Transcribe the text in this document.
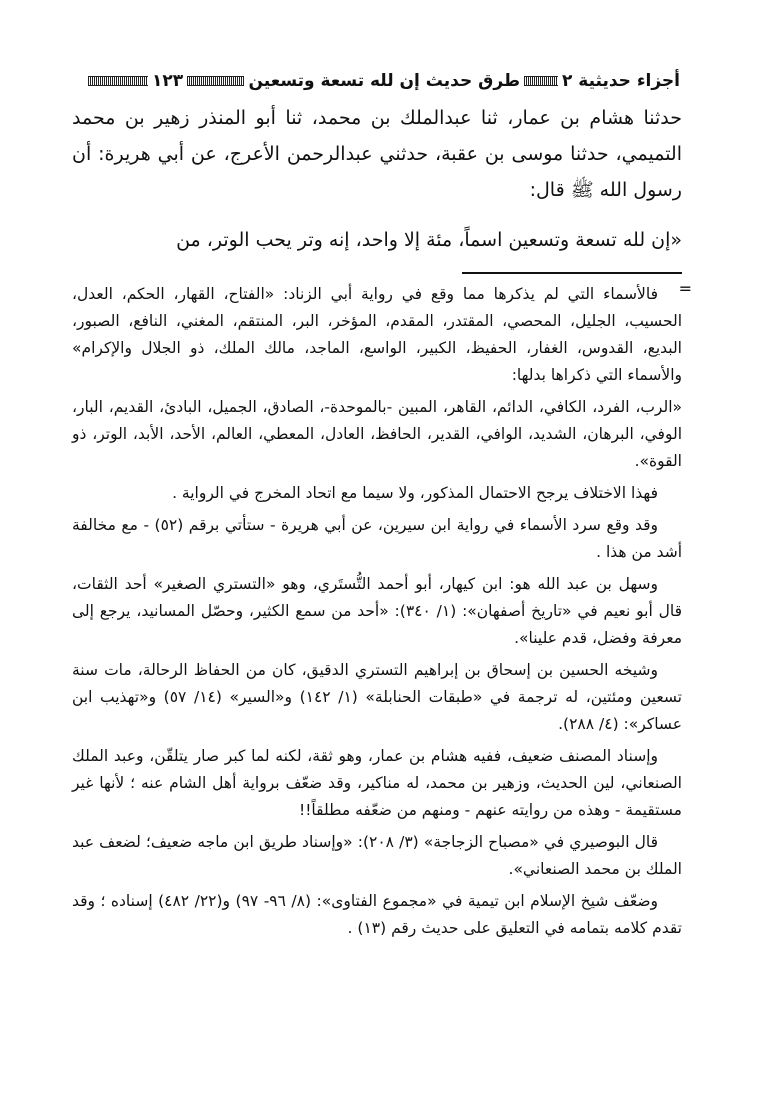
أجزاء حديثية ٢
طرق حديث إن لله تسعة وتسعين
١٢٣

حدثنا هشام بن عمار، ثنا عبدالملك بن محمد، ثنا أبو المنذر زهير بن محمد التميمي، حدثنا موسى بن عقبة، حدثني عبدالرحمن الأعرج، عن أبي هريرة: أن رسول الله ﷺ قال:

«إن لله تسعة وتسعين اسماً، مئة إلا واحد، إنه وتر يحب الوتر، من

=

فالأسماء التي لم يذكرها مما وقع في رواية أبي الزناد: «الفتاح، القهار، الحكم، العدل، الحسيب، الجليل، المحصي، المقتدر، المقدم، المؤخر، البر، المنتقم، المغني، النافع، الصبور، البديع، القدوس، الغفار، الحفيظ، الكبير، الواسع، الماجد، مالك الملك، ذو الجلال والإكرام» والأسماء التي ذكراها بدلها:

«الرب، الفرد، الكافي، الدائم، القاهر، المبين -بالموحدة-، الصادق، الجميل، البادئ، القديم، البار، الوفي، البرهان، الشديد، الوافي، القدير، الحافظ، العادل، المعطي، العالم، الأحد، الأبد، الوتر، ذو القوة».

فهذا الاختلاف يرجح الاحتمال المذكور، ولا سيما مع اتحاد المخرج في الرواية .

وقد وقع سرد الأسماء في رواية ابن سيرين، عن أبي هريرة - ستأتي برقم (٥٢) - مع مخالفة أشد من هذا .

وسهل بن عبد الله هو: ابن كيهار، أبو أحمد التُّستَري، وهو «التستري الصغير» أحد الثقات، قال أبو نعيم في «تاريخ أصفهان»: (١/ ٣٤٠): «أحد من سمع الكثير، وحصّل المسانيد، يرجع إلى معرفة وفضل، قدم علينا».

وشيخه الحسين بن إسحاق بن إبراهيم التستري الدقيق، كان من الحفاظ الرحالة، مات سنة تسعين ومئتين، له ترجمة في «طبقات الحنابلة» (١/ ١٤٢) و«السير» (١٤/ ٥٧) و«تهذيب ابن عساكر»: (٤/ ٢٨٨).

وإسناد المصنف ضعيف، ففيه هشام بن عمار، وهو ثقة، لكنه لما كبر صار يتلقّن، وعبد الملك الصنعاني، لين الحديث، وزهير بن محمد، له مناكير، وقد ضعّف برواية أهل الشام عنه ؛ لأنها غير مستقيمة - وهذه من روايته عنهم - ومنهم من ضعّفه مطلقاً!!

قال البوصيري في «مصباح الزجاجة» (٣/ ٢٠٨): «وإسناد طريق ابن ماجه ضعيف؛ لضعف عبد الملك بن محمد الصنعاني».

وضعّف شيخ الإسلام ابن تيمية في «مجموع الفتاوى»: (٨/ ٩٦- ٩٧) و(٢٢/ ٤٨٢) إسناده ؛ وقد تقدم كلامه بتمامه في التعليق على حديث رقم (١٣) .
